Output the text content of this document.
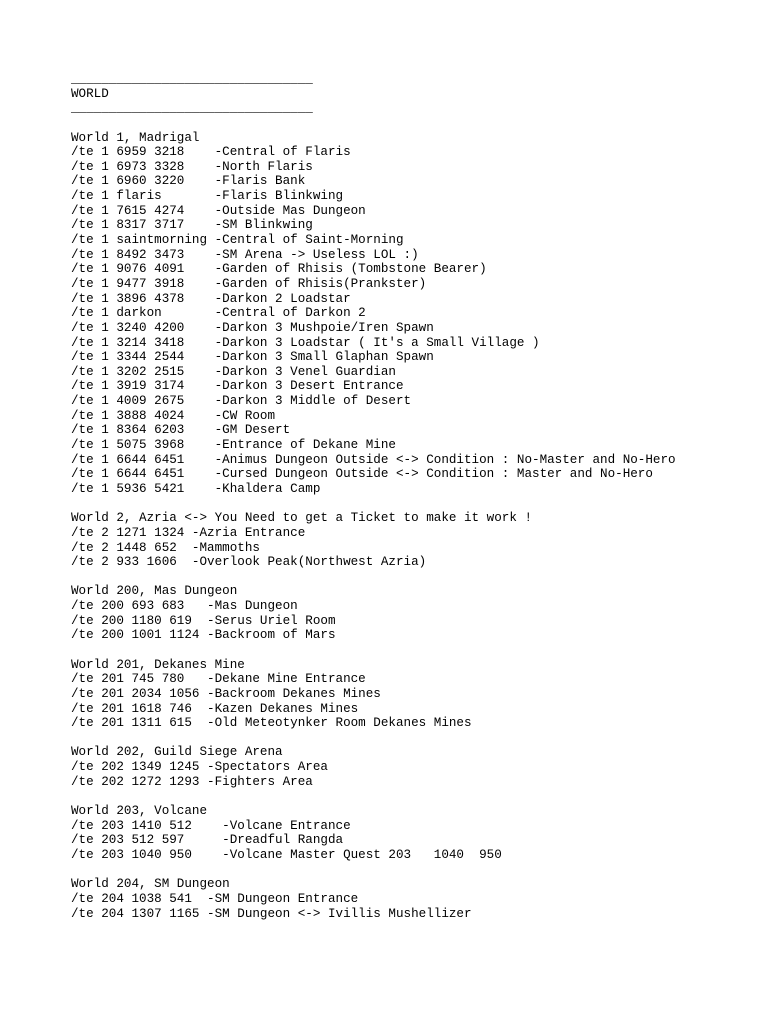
________________________________
WORLD
________________________________
World 1, Madrigal
/te 1 6959 3218    -Central of Flaris
/te 1 6973 3328    -North Flaris
/te 1 6960 3220    -Flaris Bank
/te 1 flaris       -Flaris Blinkwing
/te 1 7615 4274    -Outside Mas Dungeon
/te 1 8317 3717    -SM Blinkwing
/te 1 saintmorning -Central of Saint-Morning
/te 1 8492 3473    -SM Arena -> Useless LOL :)
/te 1 9076 4091    -Garden of Rhisis (Tombstone Bearer)
/te 1 9477 3918    -Garden of Rhisis(Prankster)
/te 1 3896 4378    -Darkon 2 Loadstar
/te 1 darkon       -Central of Darkon 2
/te 1 3240 4200    -Darkon 3 Mushpoie/Iren Spawn
/te 1 3214 3418    -Darkon 3 Loadstar ( It's a Small Village )
/te 1 3344 2544    -Darkon 3 Small Glaphan Spawn
/te 1 3202 2515    -Darkon 3 Venel Guardian
/te 1 3919 3174    -Darkon 3 Desert Entrance
/te 1 4009 2675    -Darkon 3 Middle of Desert
/te 1 3888 4024    -CW Room
/te 1 8364 6203    -GM Desert
/te 1 5075 3968    -Entrance of Dekane Mine
/te 1 6644 6451    -Animus Dungeon Outside <-> Condition : No-Master and No-Hero
/te 1 6644 6451    -Cursed Dungeon Outside <-> Condition : Master and No-Hero
/te 1 5936 5421    -Khaldera Camp
World 2, Azria <-> You Need to get a Ticket to make it work !
/te 2 1271 1324 -Azria Entrance
/te 2 1448 652  -Mammoths
/te 2 933 1606  -Overlook Peak(Northwest Azria)
World 200, Mas Dungeon
/te 200 693 683   -Mas Dungeon
/te 200 1180 619  -Serus Uriel Room
/te 200 1001 1124 -Backroom of Mars
World 201, Dekanes Mine
/te 201 745 780   -Dekane Mine Entrance
/te 201 2034 1056 -Backroom Dekanes Mines
/te 201 1618 746  -Kazen Dekanes Mines
/te 201 1311 615  -Old Meteotynker Room Dekanes Mines
World 202, Guild Siege Arena
/te 202 1349 1245 -Spectators Area
/te 202 1272 1293 -Fighters Area
World 203, Volcane
/te 203 1410 512    -Volcane Entrance
/te 203 512 597     -Dreadful Rangda
/te 203 1040 950    -Volcane Master Quest 203   1040  950
World 204, SM Dungeon
/te 204 1038 541  -SM Dungeon Entrance
/te 204 1307 1165 -SM Dungeon <-> Ivillis Mushellizer
